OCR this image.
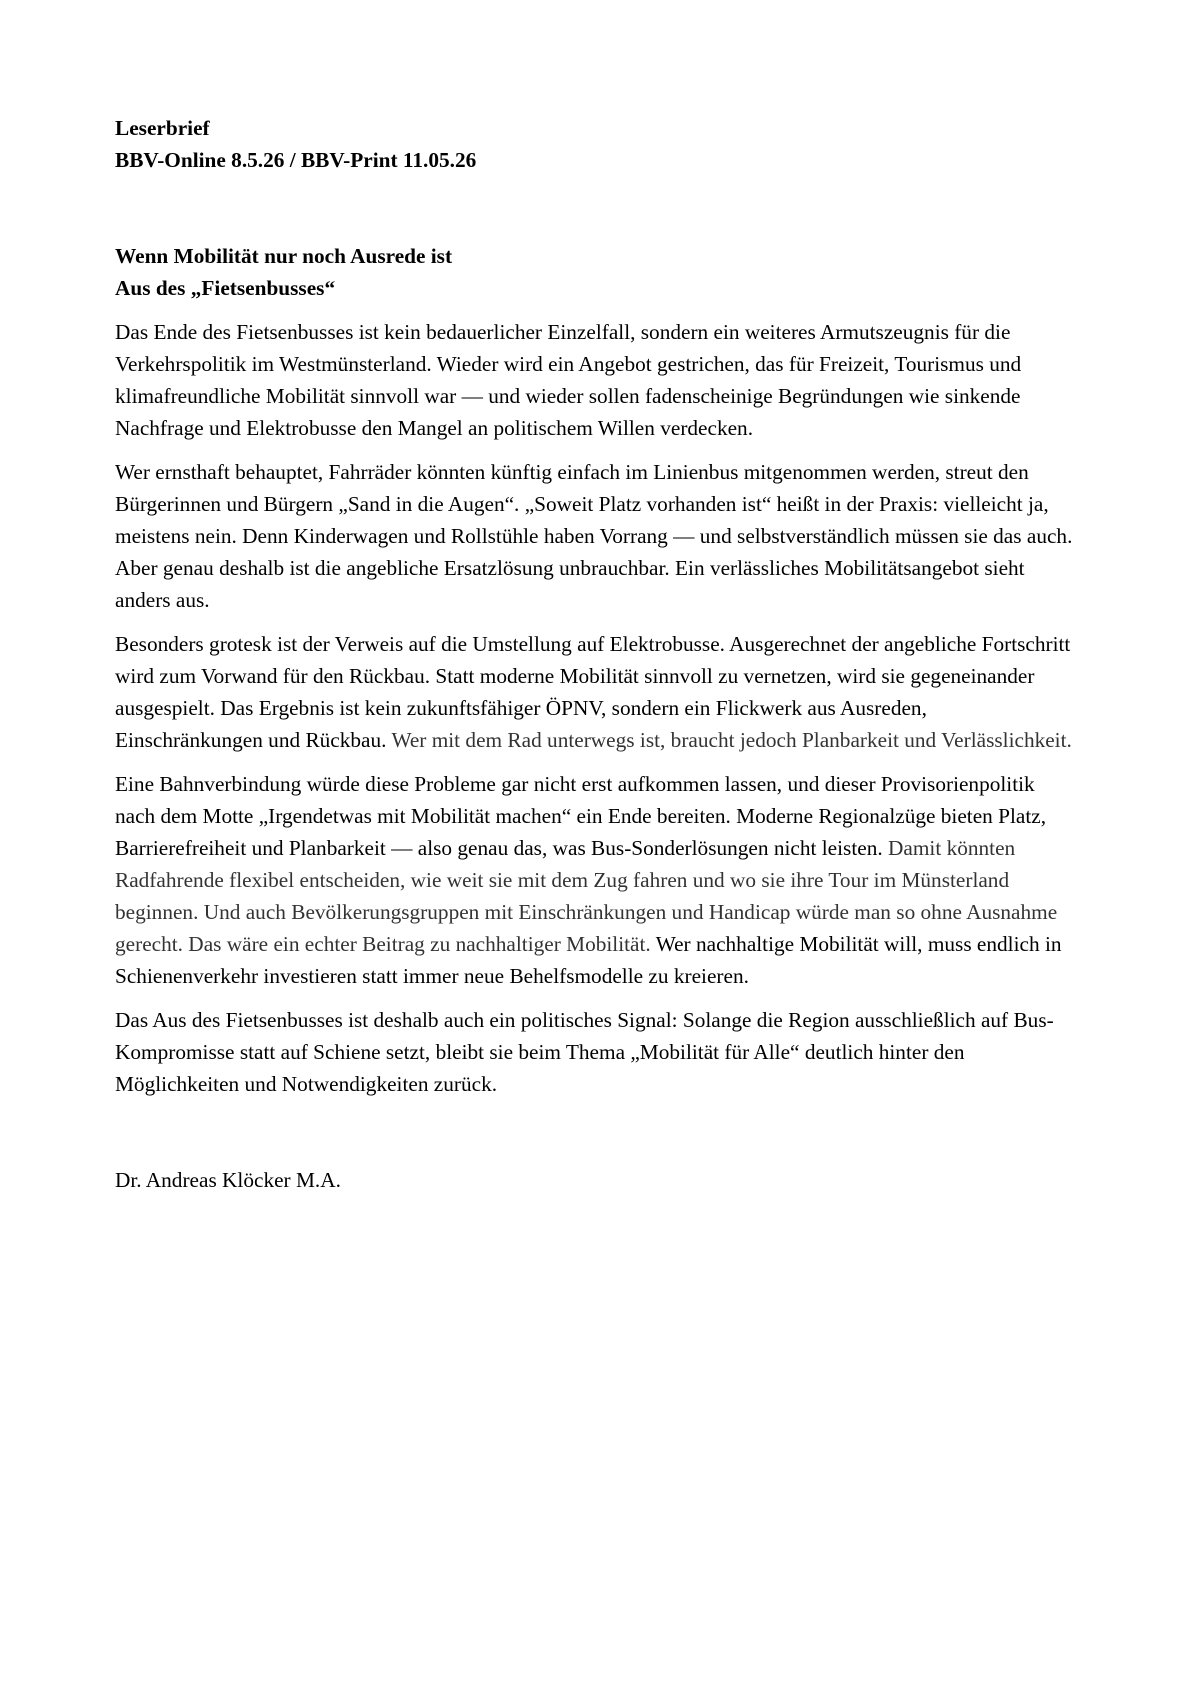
Leserbrief

BBV-Online 8.5.26 / BBV-Print 11.05.26

Wenn Mobilität nur noch Ausrede ist

Aus des „Fietsenbusses“

Das Ende des Fietsenbusses ist kein bedauerlicher Einzelfall, sondern ein weiteres Armutszeugnis für die Verkehrspolitik im Westmünsterland. Wieder wird ein Angebot gestrichen, das für Freizeit, Tourismus und klimafreundliche Mobilität sinnvoll war — und wieder sollen fadenscheinige Begründungen wie sinkende Nachfrage und Elektrobusse den Mangel an politischem Willen verdecken.

Wer ernsthaft behauptet, Fahrräder könnten künftig einfach im Linienbus mitgenommen werden, streut den Bürgerinnen und Bürgern „Sand in die Augen“. „Soweit Platz vorhanden ist“ heißt in der Praxis: vielleicht ja, meistens nein. Denn Kinderwagen und Rollstühle haben Vorrang — und selbstverständlich müssen sie das auch. Aber genau deshalb ist die angebliche Ersatzlösung unbrauchbar. Ein verlässliches Mobilitätsangebot sieht anders aus.

Besonders grotesk ist der Verweis auf die Umstellung auf Elektrobusse. Ausgerechnet der angebliche Fortschritt wird zum Vorwand für den Rückbau. Statt moderne Mobilität sinnvoll zu vernetzen, wird sie gegeneinander ausgespielt. Das Ergebnis ist kein zukunftsfähiger ÖPNV, sondern ein Flickwerk aus Ausreden, Einschränkungen und Rückbau. Wer mit dem Rad unterwegs ist, braucht jedoch Planbarkeit und Verlässlichkeit.

Eine Bahnverbindung würde diese Probleme gar nicht erst aufkommen lassen, und dieser Provisorienpolitik nach dem Motte „Irgendetwas mit Mobilität machen“ ein Ende bereiten. Moderne Regionalzüge bieten Platz, Barrierefreiheit und Planbarkeit — also genau das, was Bus-Sonderlösungen nicht leisten. Damit könnten Radfahrende flexibel entscheiden, wie weit sie mit dem Zug fahren und wo sie ihre Tour im Münsterland beginnen. Und auch Bevölkerungsgruppen mit Einschränkungen und Handicap würde man so ohne Ausnahme gerecht. Das wäre ein echter Beitrag zu nachhaltiger Mobilität. Wer nachhaltige Mobilität will, muss endlich in Schienenverkehr investieren statt immer neue Behelfsmodelle zu kreieren.

Das Aus des Fietsenbusses ist deshalb auch ein politisches Signal: Solange die Region ausschließlich auf Bus-Kompromisse statt auf Schiene setzt, bleibt sie beim Thema „Mobilität für Alle“ deutlich hinter den Möglichkeiten und Notwendigkeiten zurück.

Dr. Andreas Klöcker M.A.
